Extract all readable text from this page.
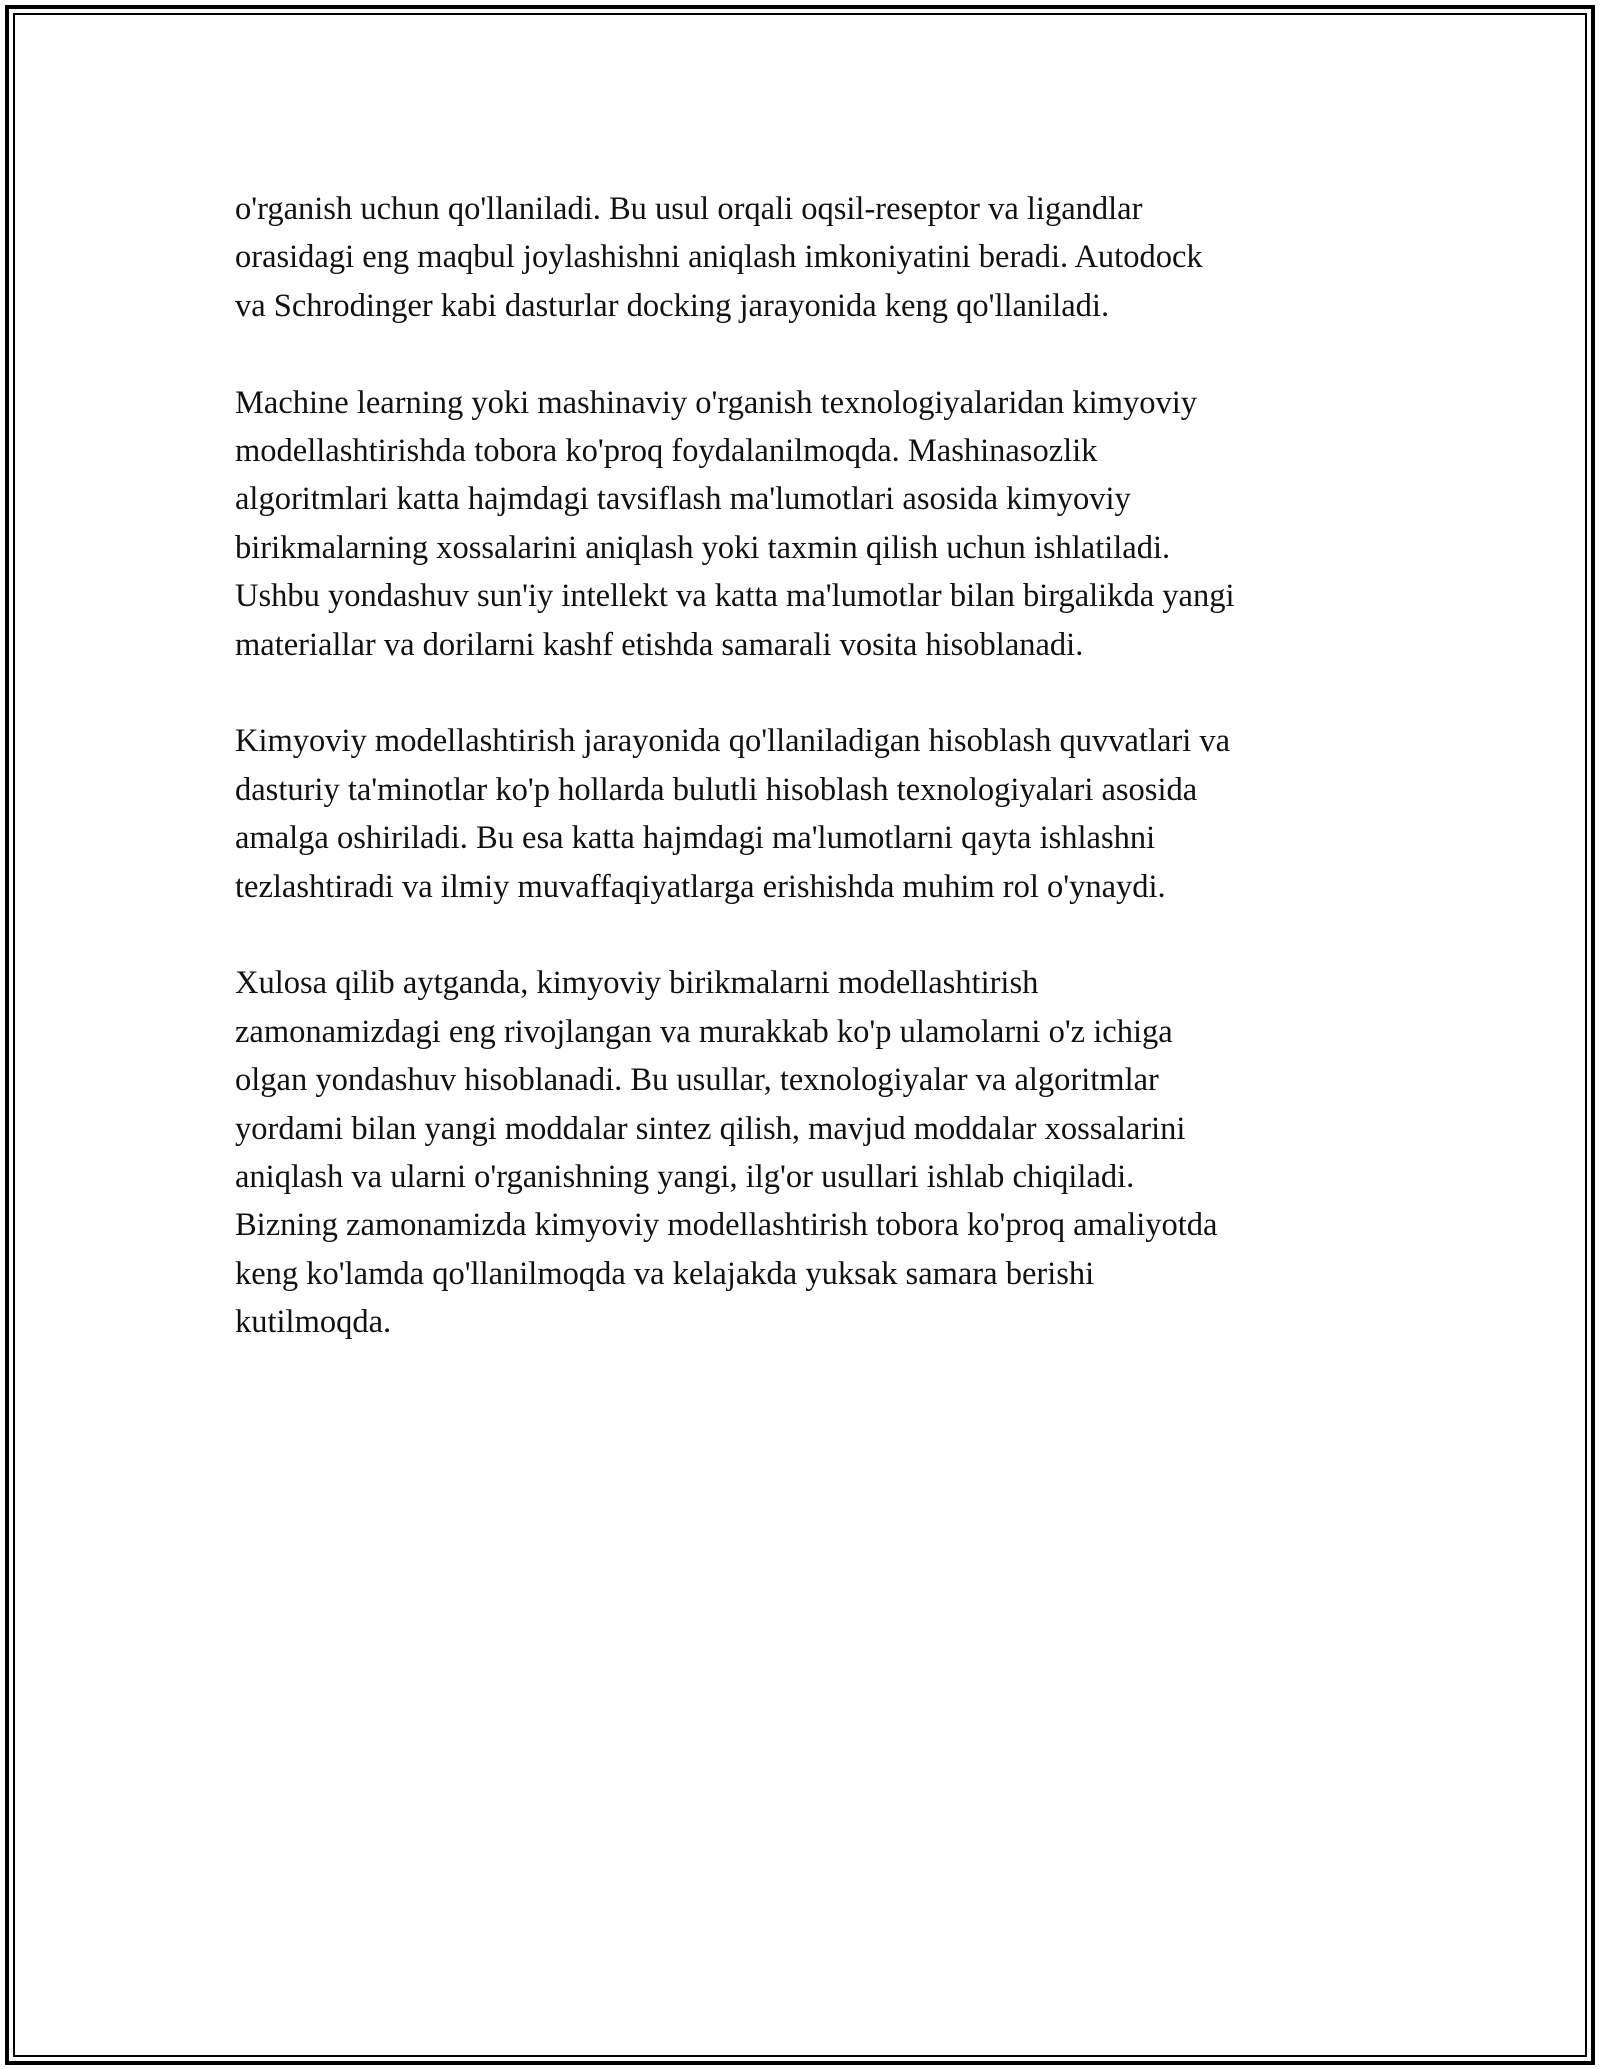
o'rganish uchun qo'llaniladi. Bu usul orqali oqsil-reseptor va ligandlar
orasidagi eng maqbul joylashishni aniqlash imkoniyatini beradi. Autodock
va Schrodinger kabi dasturlar docking jarayonida keng qo'llaniladi.

Machine learning yoki mashinaviy o'rganish texnologiyalaridan kimyoviy
modellashtirishda tobora ko'proq foydalanilmoqda. Mashinasozlik
algoritmlari katta hajmdagi tavsiflash ma'lumotlari asosida kimyoviy
birikmalarning xossalarini aniqlash yoki taxmin qilish uchun ishlatiladi.
Ushbu yondashuv sun'iy intellekt va katta ma'lumotlar bilan birgalikda yangi
materiallar va dorilarni kashf etishda samarali vosita hisoblanadi.

Kimyoviy modellashtirish jarayonida qo'llaniladigan hisoblash quvvatlari va
dasturiy ta'minotlar ko'p hollarda bulutli hisoblash texnologiyalari asosida
amalga oshiriladi. Bu esa katta hajmdagi ma'lumotlarni qayta ishlashni
tezlashtiradi va ilmiy muvaffaqiyatlarga erishishda muhim rol o'ynaydi.

Xulosa qilib aytganda, kimyoviy birikmalarni modellashtirish
zamonamizdagi eng rivojlangan va murakkab ko'p ulamolarni o'z ichiga
olgan yondashuv hisoblanadi. Bu usullar, texnologiyalar va algoritmlar
yordami bilan yangi moddalar sintez qilish, mavjud moddalar xossalarini
aniqlash va ularni o'rganishning yangi, ilg'or usullari ishlab chiqiladi.
Bizning zamonamizda kimyoviy modellashtirish tobora ko'proq amaliyotda
keng ko'lamda qo'llanilmoqda va kelajakda yuksak samara berishi
kutilmoqda.
